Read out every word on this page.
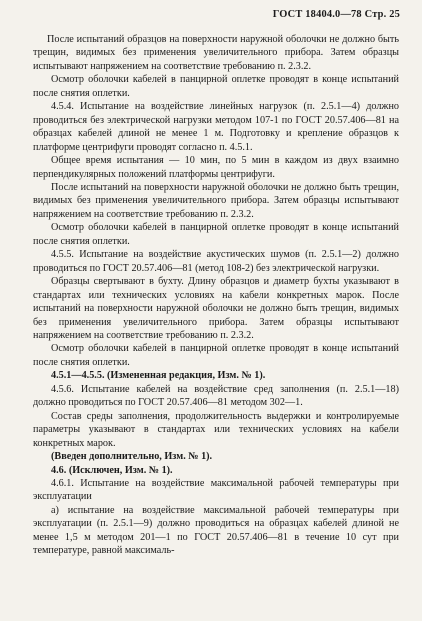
ГОСТ 18404.0—78 Стр. 25

После испытаний образцов на поверхности наружной оболочки не должно быть трещин, видимых без применения увеличительного прибора. Затем образцы испытывают напряжением на соответствие требованию п. 2.3.2.

Осмотр оболочки кабелей в панцирной оплетке проводят в конце испытаний после снятия оплетки.

4.5.4. Испытание на воздействие линейных нагрузок (п. 2.5.1—4) должно проводиться без электрической нагрузки методом 107-1 по ГОСТ 20.57.406—81 на образцах кабелей длиной не менее 1 м. Подготовку и крепление образцов к платформе центрифуги проводят согласно п. 4.5.1.

Общее время испытания — 10 мин, по 5 мин в каждом из двух взаимно перпендикулярных положений платформы центрифуги.

После испытаний на поверхности наружной оболочки не должно быть трещин, видимых без применения увеличительного прибора. Затем образцы испытывают напряжением на соответствие требованию п. 2.3.2.

Осмотр оболочки кабелей в панцирной оплетке проводят в конце испытаний после снятия оплетки.

4.5.5. Испытание на воздействие акустических шумов (п. 2.5.1—2) должно проводиться по ГОСТ 20.57.406—81 (метод 108-2) без электрической нагрузки.

Образцы свертывают в бухту. Длину образцов и диаметр бухты указывают в стандартах или технических условиях на кабели конкретных марок. После испытаний на поверхности наружной оболочки не должно быть трещин, видимых без применения увеличительного прибора. Затем образцы испытывают напряжением на соответствие требованию п. 2.3.2.

Осмотр оболочки кабелей в панцирной оплетке проводят в конце испытаний после снятия оплетки.

4.5.1—4.5.5. (Измененная редакция, Изм. № 1).

4.5.6. Испытание кабелей на воздействие сред заполнения (п. 2.5.1—18) должно проводиться по ГОСТ 20.57.406—81 методом 302—1.

Состав среды заполнения, продолжительность выдержки и контролируемые параметры указывают в стандартах или технических условиях на кабели конкретных марок.

(Введен дополнительно, Изм. № 1).

4.6. (Исключен, Изм. № 1).

4.6.1. Испытание на воздействие максимальной рабочей температуры при эксплуатации

а) испытание на воздействие максимальной рабочей температуры при эксплуатации (п. 2.5.1—9) должно проводиться на образцах кабелей длиной не менее 1,5 м методом 201—1 по ГОСТ 20.57.406—81 в течение 10 сут при температуре, равной максималь-
